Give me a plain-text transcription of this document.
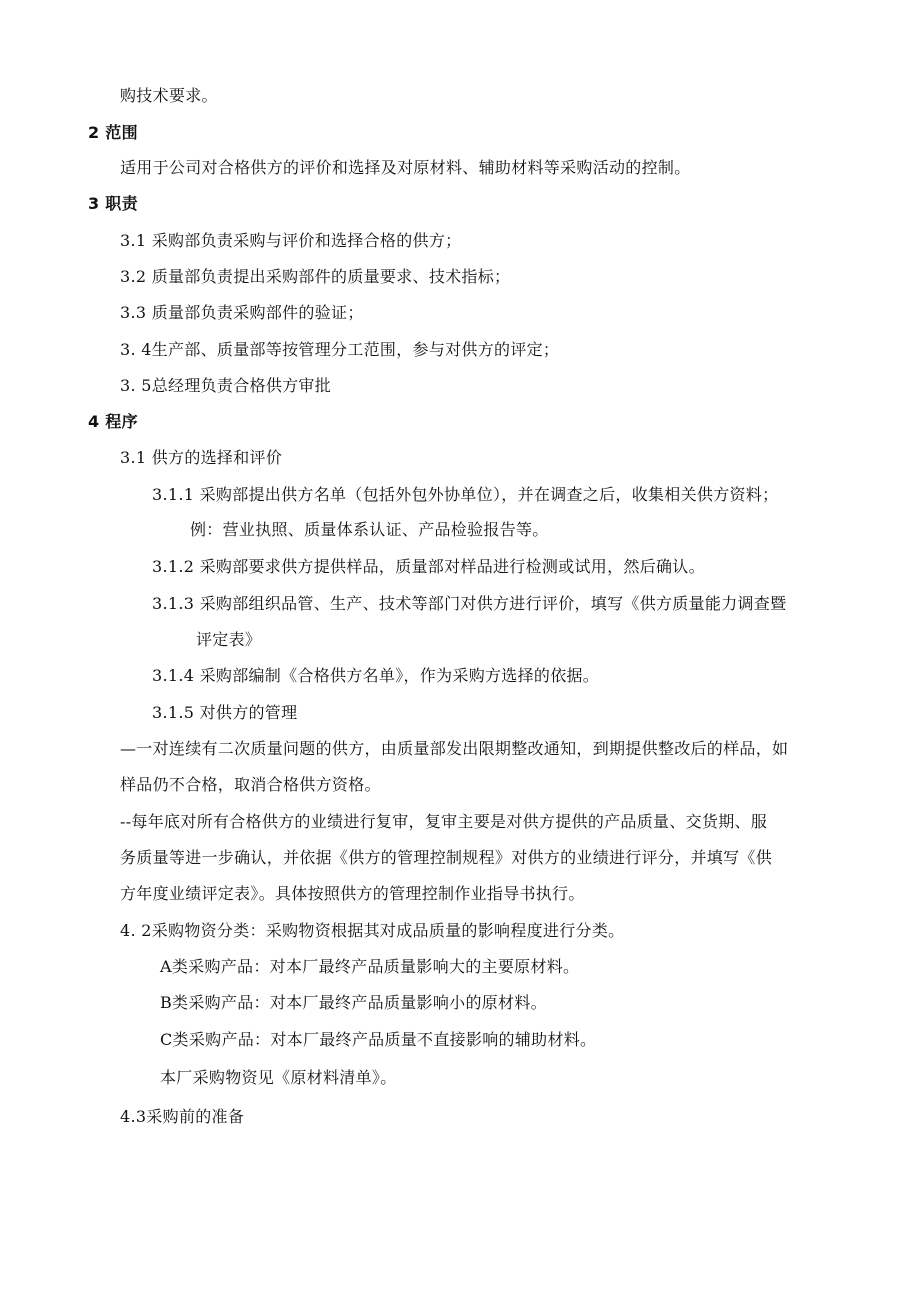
购技术要求。
2 范围
适用于公司对合格供方的评价和选择及对原材料、辅助材料等采购活动的控制。
3 职责
3.1 采购部负责采购与评价和选择合格的供方；
3.2 质量部负责提出采购部件的质量要求、技术指标；
3.3 质量部负责采购部件的验证；
3. 4生产部、质量部等按管理分工范围，参与对供方的评定；
3. 5总经理负责合格供方审批
4 程序
3.1 供方的选择和评价
3.1.1 采购部提出供方名单（包括外包外协单位），并在调查之后，收集相关供方资料；
例：营业执照、质量体系认证、产品检验报告等。
3.1.2 采购部要求供方提供样品，质量部对样品进行检测或试用，然后确认。
3.1.3 采购部组织品管、生产、技术等部门对供方进行评价，填写《供方质量能力调查暨
评定表》
3.1.4 采购部编制《合格供方名单》，作为采购方选择的依据。
3.1.5 对供方的管理
—一对连续有二次质量问题的供方，由质量部发出限期整改通知，到期提供整改后的样品，如
样品仍不合格，取消合格供方资格。
--每年底对所有合格供方的业绩进行复审，复审主要是对供方提供的产品质量、交货期、服
务质量等进一步确认，并依据《供方的管理控制规程》对供方的业绩进行评分，并填写《供
方年度业绩评定表》。具体按照供方的管理控制作业指导书执行。
4. 2采购物资分类：采购物资根据其对成品质量的影响程度进行分类。
A类采购产品：对本厂最终产品质量影响大的主要原材料。
B类采购产品：对本厂最终产品质量影响小的原材料。
C类采购产品：对本厂最终产品质量不直接影响的辅助材料。
本厂采购物资见《原材料清单》。
4.3采购前的准备
